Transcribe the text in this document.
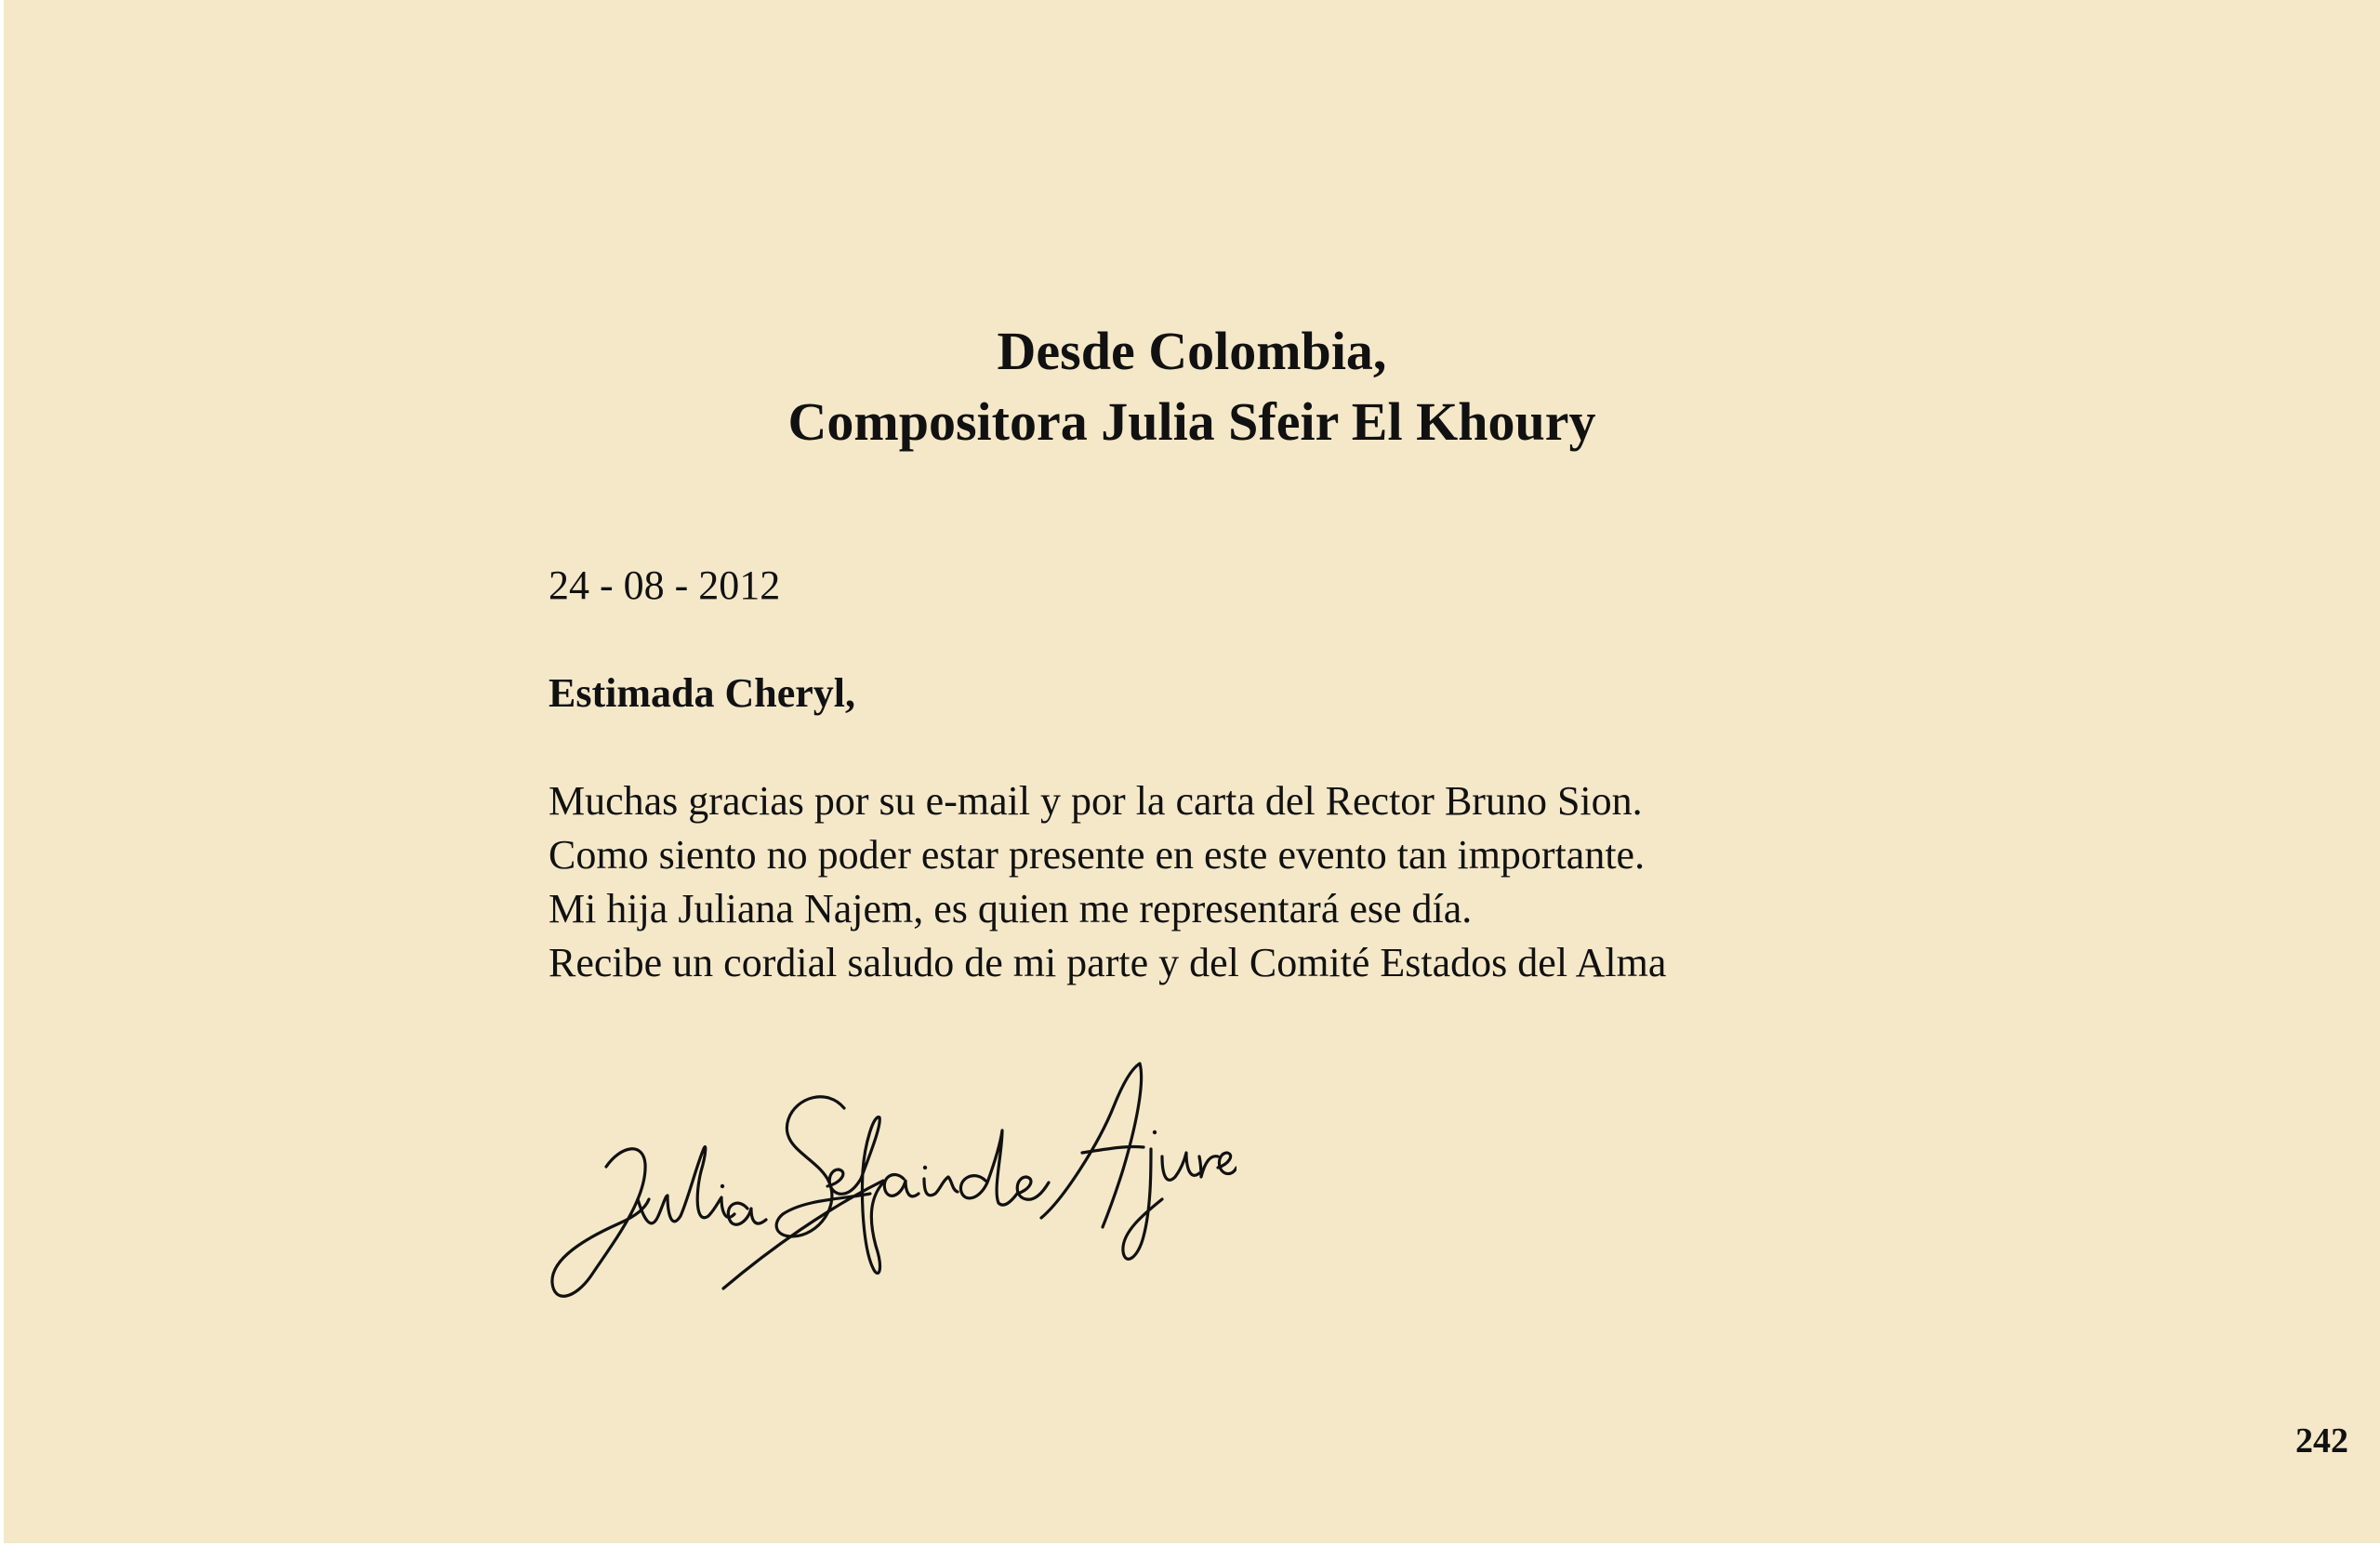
Desde Colombia,
Compositora Julia Sfeir El Khoury
24 - 08 - 2012
Estimada Cheryl,
Muchas gracias por su e-mail y por la carta del Rector Bruno Sion.
Como siento no poder estar presente en este evento tan importante.
Mi hija Juliana Najem, es quien me representará ese día.
Recibe un cordial saludo de mi parte y del Comité Estados del Alma
242
